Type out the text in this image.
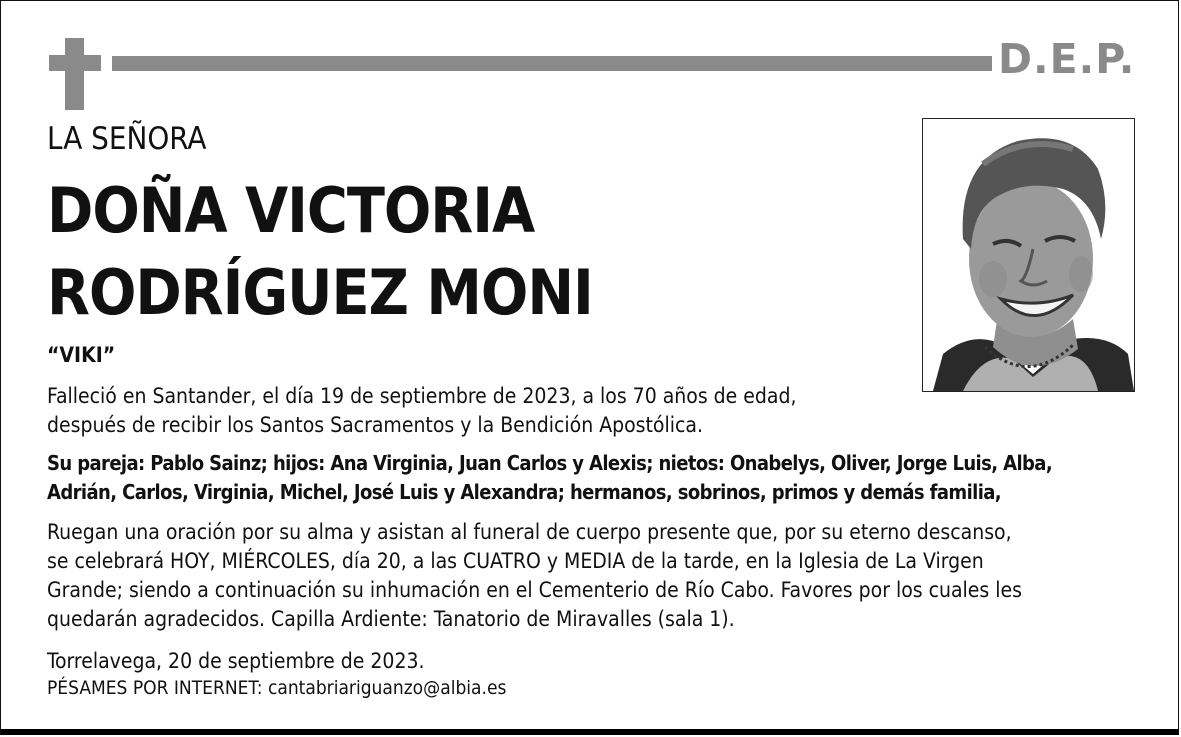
D.E.P.
LA SEÑORA
DOÑA VICTORIA
RODRÍGUEZ MONI
“VIKI”
Falleció en Santander, el día 19 de septiembre de 2023, a los 70 años de edad,
después de recibir los Santos Sacramentos y la Bendición Apostólica.
Su pareja: Pablo Sainz; hijos: Ana Virginia, Juan Carlos y Alexis; nietos: Onabelys, Oliver, Jorge Luis, Alba,
Adrián, Carlos, Virginia, Michel, José Luis y Alexandra; hermanos, sobrinos, primos y demás familia,
Ruegan una oración por su alma y asistan al funeral de cuerpo presente que, por su eterno descanso,
se celebrará HOY, MIÉRCOLES, día 20, a las CUATRO y MEDIA de la tarde, en la Iglesia de La Virgen
Grande; siendo a continuación su inhumación en el Cementerio de Río Cabo. Favores por los cuales les
quedarán agradecidos. Capilla Ardiente: Tanatorio de Miravalles (sala 1).
Torrelavega, 20 de septiembre de 2023.
PÉSAMES POR INTERNET: cantabriariguanzo@albia.es
